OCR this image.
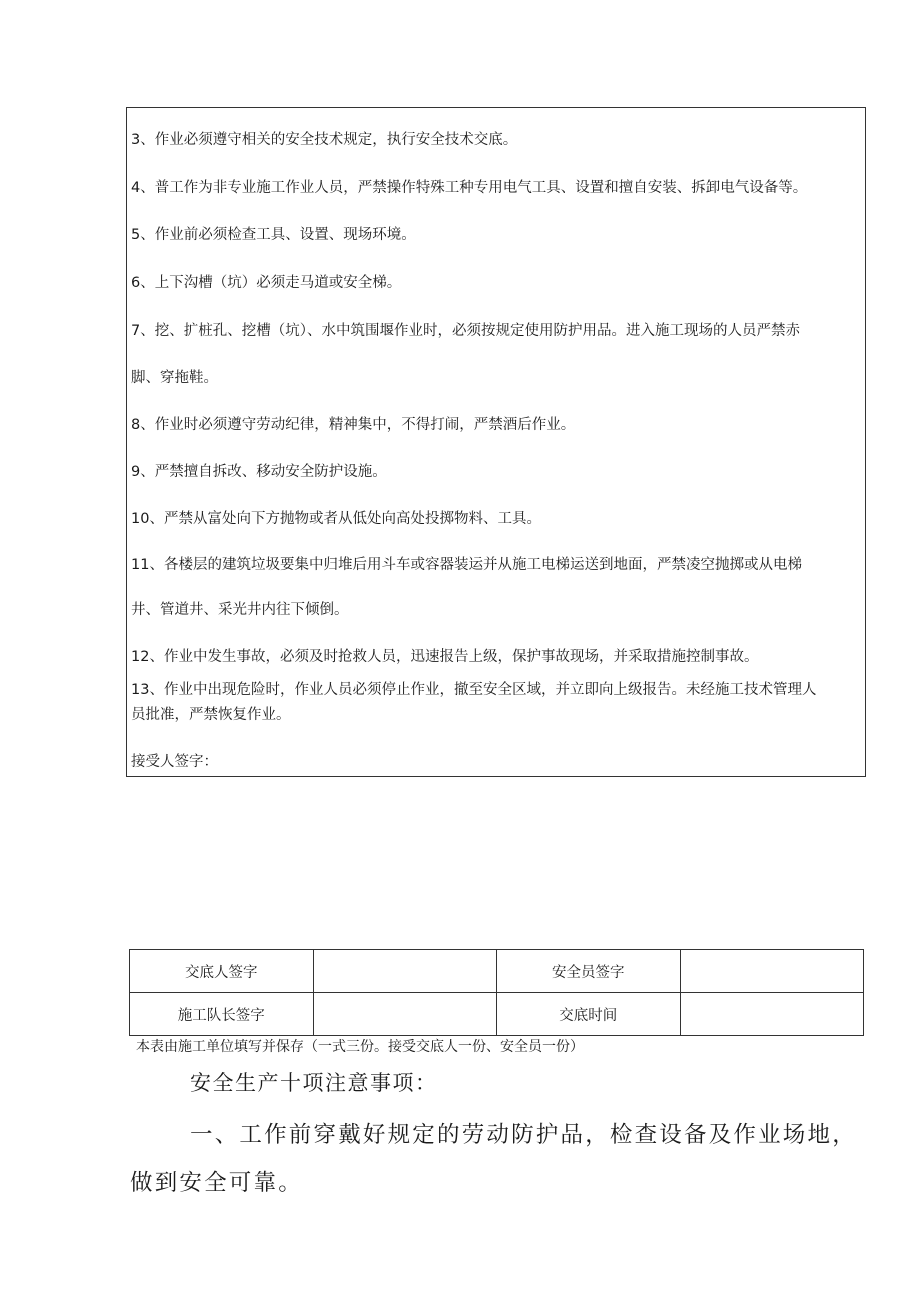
3、作业必须遵守相关的安全技术规定，执行安全技术交底。
4、普工作为非专业施工作业人员，严禁操作特殊工种专用电气工具、设置和擅自安装、拆卸电气设备等。
5、作业前必须检查工具、设置、现场环境。
6、上下沟槽（坑）必须走马道或安全梯。
7、挖、扩桩孔、挖槽（坑）、水中筑围堰作业时，必须按规定使用防护用品。进入施工现场的人员严禁赤
脚、穿拖鞋。
8、作业时必须遵守劳动纪律，精神集中，不得打闹，严禁酒后作业。
9、严禁擅自拆改、移动安全防护设施。
10、严禁从富处向下方抛物或者从低处向高处投掷物料、工具。
11、各楼层的建筑垃圾要集中归堆后用斗车或容器装运并从施工电梯运送到地面，严禁凌空抛掷或从电梯
井、管道井、采光井内往下倾倒。
12、作业中发生事故，必须及时抢救人员，迅速报告上级，保护事故现场，并采取措施控制事故。
13、作业中出现危险时，作业人员必须停止作业，撤至安全区域，并立即向上级报告。未经施工技术管理人
员批准，严禁恢复作业。
接受人签字：
交底人签字		安全员签字	
施工队长签字		交底时间	
本表由施工单位填写并保存（一式三份。接受交底人一份、安全员一份）
安全生产十项注意事项：
一、工作前穿戴好规定的劳动防护品，检查设备及作业场地，做到安全可靠。
